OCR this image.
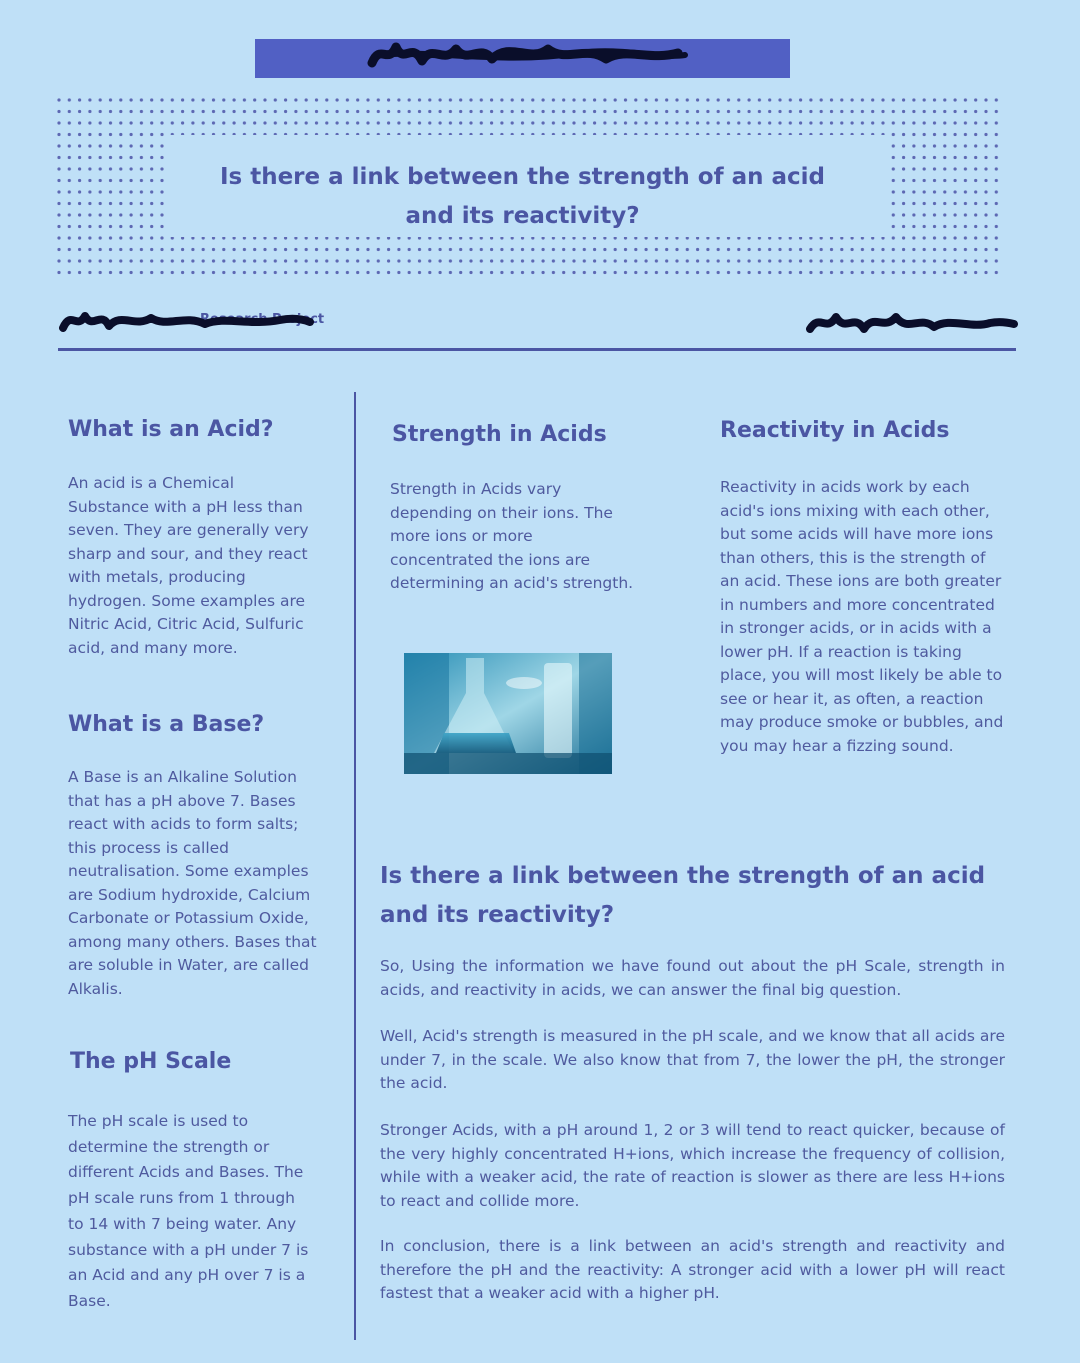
Is there a link between the strength of an acid and its reactivity?
Research Project
What is an Acid?

An acid is a Chemical Substance with a pH less than seven. They are generally very sharp and sour, and they react with metals, producing hydrogen. Some examples are Nitric Acid, Citric Acid, Sulfuric acid, and many more.

What is a Base?

A Base is an Alkaline Solution that has a pH above 7. Bases react with acids to form salts; this process is called neutralisation. Some examples are Sodium hydroxide, Calcium Carbonate or Potassium Oxide, among many others. Bases that are soluble in Water, are called Alkalis.

The pH Scale

The pH scale is used to determine the strength or different Acids and Bases. The pH scale runs from 1 through to 14 with 7 being water. Any substance with a pH under 7 is an Acid and any pH over 7 is a Base.

Strength in Acids

Strength in Acids vary depending on their ions. The more ions or more concentrated the ions are determining an acid's strength.

Reactivity in Acids

Reactivity in acids work by each acid's ions mixing with each other, but some acids will have more ions than others, this is the strength of an acid. These ions are both greater in numbers and more concentrated in stronger acids, or in acids with a lower pH. If a reaction is taking place, you will most likely be able to see or hear it, as often, a reaction may produce smoke or bubbles, and you may hear a fizzing sound.

Is there a link between the strength of an acid and its reactivity?

So, Using the information we have found out about the pH Scale, strength in acids, and reactivity in acids, we can answer the final big question.

Well, Acid's strength is measured in the pH scale, and we know that all acids are under 7, in the scale. We also know that from 7, the lower the pH, the stronger the acid.

Stronger Acids, with a pH around 1, 2 or 3 will tend to react quicker, because of the very highly concentrated H+ions, which increase the frequency of collision, while with a weaker acid, the rate of reaction is slower as there are less H+ions to react and collide more.

In conclusion, there is a link between an acid's strength and reactivity and therefore the pH and the reactivity: A stronger acid with a lower pH will react fastest that a weaker acid with a higher pH.
